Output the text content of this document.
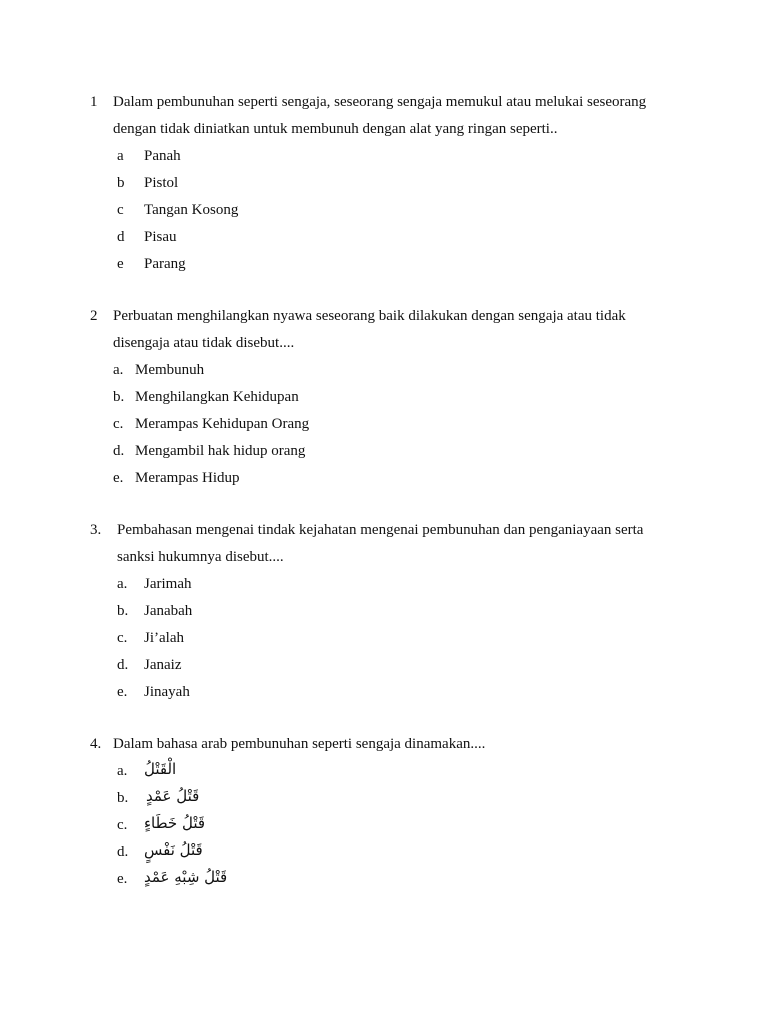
1 Dalam pembunuhan seperti sengaja, seseorang sengaja memukul atau melukai seseorang
dengan tidak diniatkan untuk membunuh dengan alat yang ringan seperti..
a Panah
b Pistol
c Tangan Kosong
d Pisau
e Parang
2 Perbuatan menghilangkan nyawa seseorang baik dilakukan dengan sengaja atau tidak
disengaja atau tidak disebut....
a. Membunuh
b. Menghilangkan Kehidupan
c. Merampas Kehidupan Orang
d. Mengambil hak hidup orang
e. Merampas Hidup
3. Pembahasan mengenai tindak kejahatan mengenai pembunuhan dan penganiayaan serta
sanksi hukumnya disebut....
a. Jarimah
b. Janabah
c. Ji’alah
d. Janaiz
e. Jinayah
4. Dalam bahasa arab pembunuhan seperti sengaja dinamakan....
a. الْقَتْلُ
b. قَتْلُ عَمْدٍ
c. قَتْلُ خَطَاءٍ
d. قَتْلُ نَفْسٍ
e. قَتْلُ شِبْهِ عَمْدٍ
